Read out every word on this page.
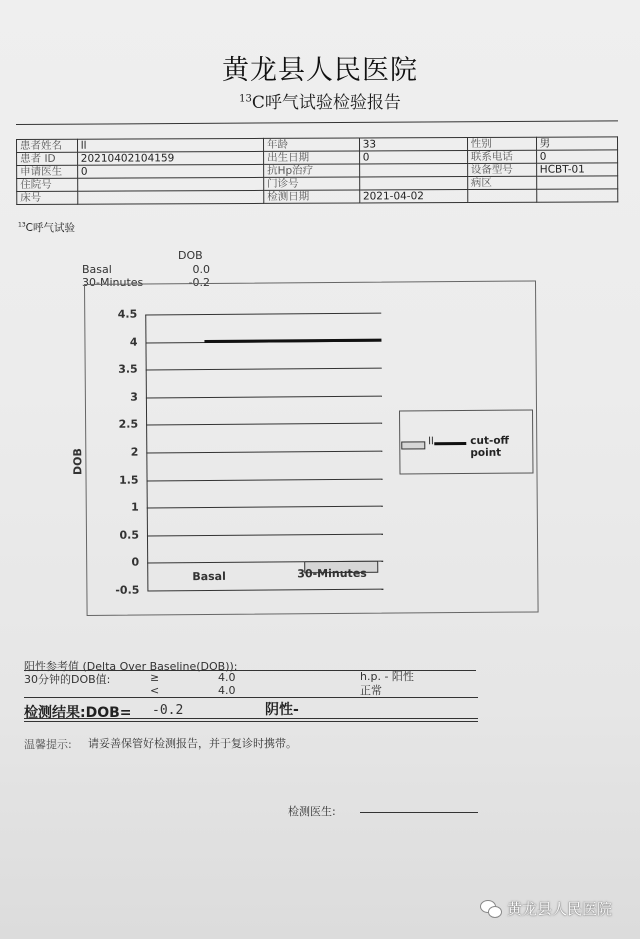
黄龙县人民医院
$^{13}$C呼气试验检验报告
患者姓名	ll	年龄	33	性别	男
患者 ID	20210402104159	出生日期	0	联系电话	0
申请医生	0	抗Hp治疗		设备型号	HCBT-01
住院号		门诊号		病区	
床号		检测日期	2021-04-02		
$^{13}$C呼气试验
DOB
Basal	0.0
30-Minutes	-0.2
4.5
4
3.5
3
2.5
2
1.5
1
0.5
0
-0.5
DOB
Basal	30-Minutes
ll	cut-off point
阳性参考值 (Delta Over Baseline(DOB)):
30分钟的DOB值:	≥	4.0	h.p. - 阳性
<	4.0	正常
检测结果:DOB= -0.2	阴性-
温馨提示: 请妥善保管好检测报告，并于复诊时携带。
检测医生:
黄龙县人民医院
